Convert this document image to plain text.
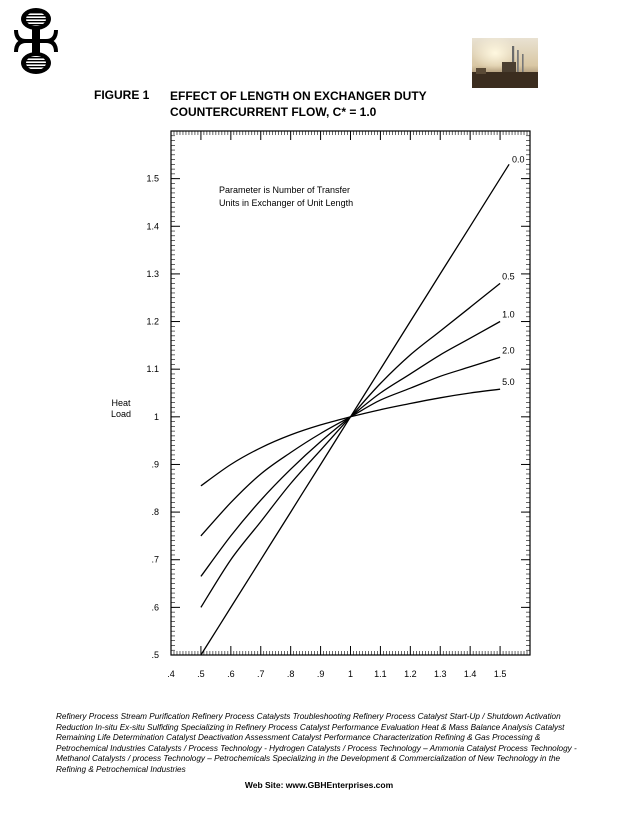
FIGURE 1 EFFECT OF LENGTH ON EXCHANGER DUTY
COUNTERCURRENT FLOW, C* = 1.0
Heat Load
.4 .5 .6 .7 .8 .9	1 1.1 1.2 1.3 1.4 1.5
.5
.6
.7
.8
.9
1
1.1
1.2
1.3
1.4
1.5
Parameter is Number of Transfer
Units in Exchanger of Unit Length
0.0
0.5
1.0
2.0
5.0
Refinery Process Stream Purification Refinery Process Catalysts Troubleshooting Refinery Process Catalyst Start-Up / Shutdown Activation Reduction In-situ Ex-situ Sulfiding Specializing in Refinery Process Catalyst Performance Evaluation Heat & Mass Balance Analysis Catalyst Remaining Life Determination Catalyst Deactivation Assessment Catalyst Performance Characterization Refining & Gas Processing & Petrochemical Industries Catalysts / Process Technology - Hydrogen Catalysts / Process Technology – Ammonia Catalyst Process Technology - Methanol Catalysts / process Technology – Petrochemicals Specializing in the Development & Commercialization of New Technology in the Refining & Petrochemical Industries
Web Site: www.GBHEnterprises.com
